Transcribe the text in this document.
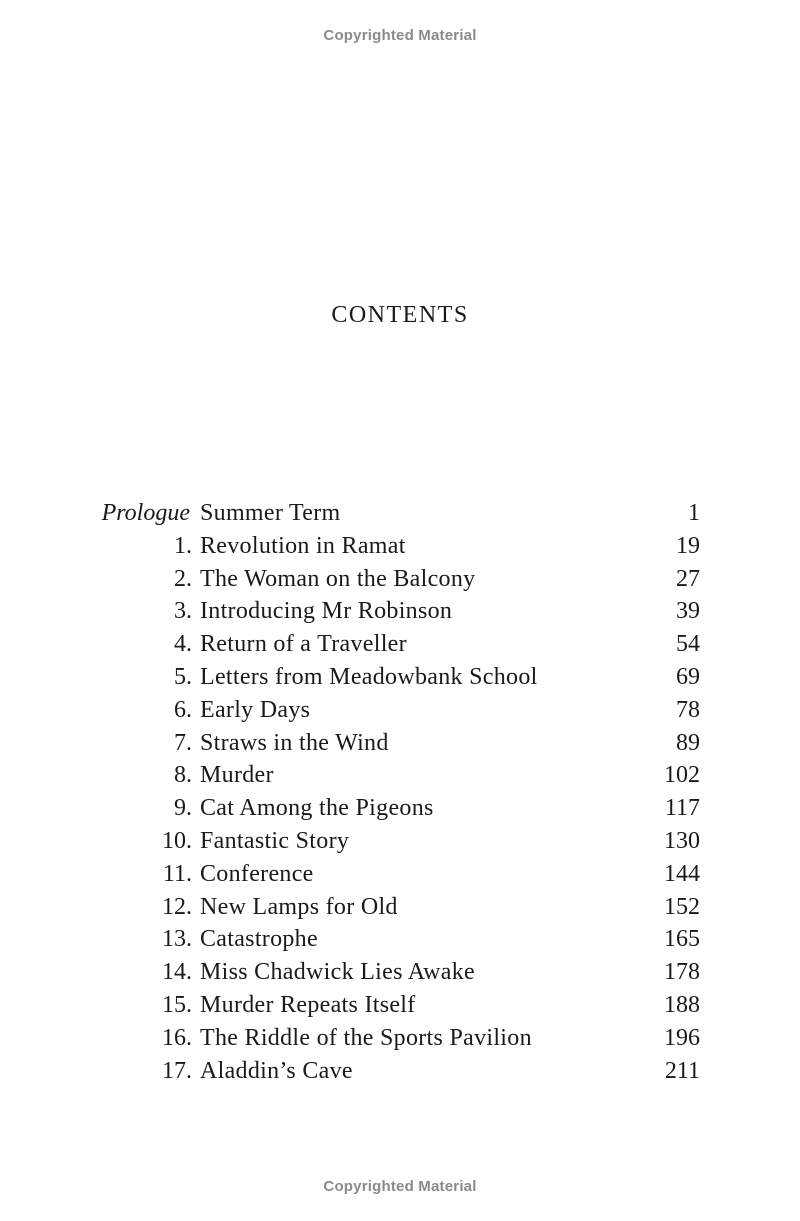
Copyrighted Material
CONTENTS
Prologue Summer Term	1
1. Revolution in Ramat	19
2. The Woman on the Balcony	27
3. Introducing Mr Robinson	39
4. Return of a Traveller	54
5. Letters from Meadowbank School	69
6. Early Days	78
7. Straws in the Wind	89
8. Murder	102
9. Cat Among the Pigeons	117
10. Fantastic Story	130
11. Conference	144
12. New Lamps for Old	152
13. Catastrophe	165
14. Miss Chadwick Lies Awake	178
15. Murder Repeats Itself	188
16. The Riddle of the Sports Pavilion	196
17. Aladdin’s Cave	211
Copyrighted Material
